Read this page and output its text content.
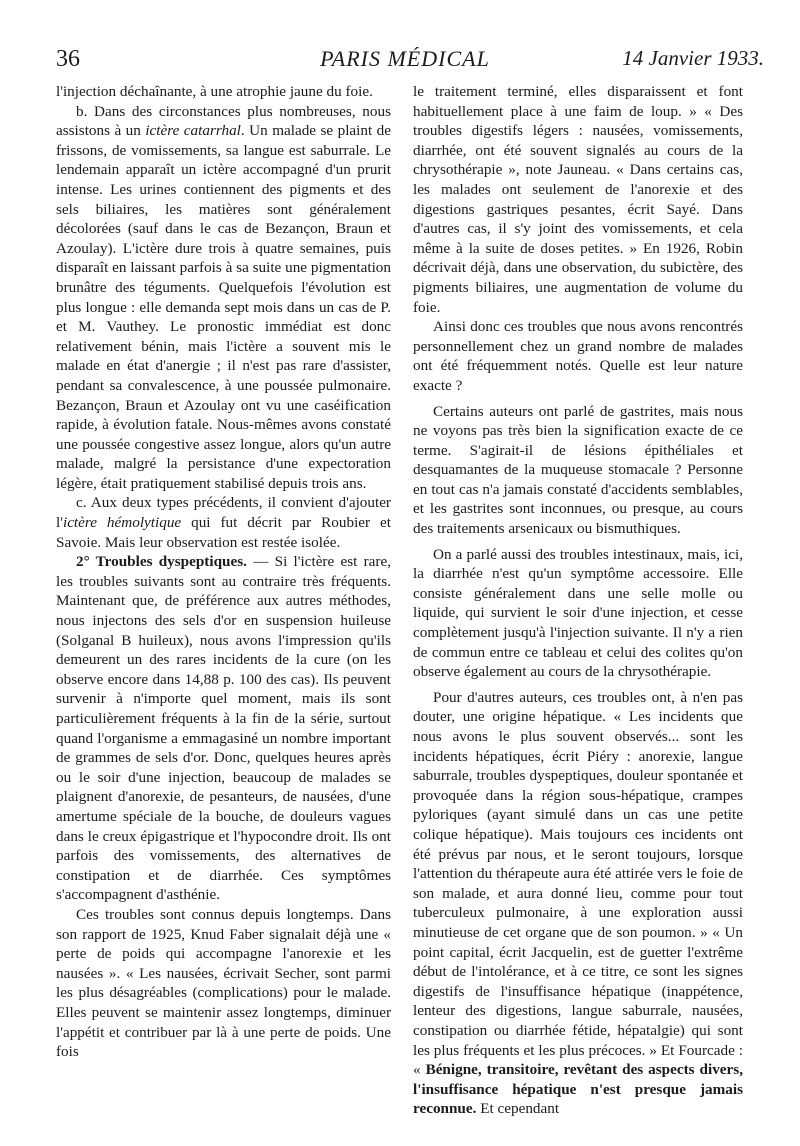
36	PARIS MÉDICAL	14 Janvier 1933.

l'injection déchaînante, à une atrophie jaune du foie.

b. Dans des circonstances plus nombreuses, nous assistons à un ictère catarrhal. Un malade se plaint de frissons, de vomissements, sa langue est saburrale. Le lendemain apparaît un ictère accompagné d'un prurit intense. Les urines contiennent des pigments et des sels biliaires, les matières sont généralement décolorées (sauf dans le cas de Bezançon, Braun et Azoulay). L'ictère dure trois à quatre semaines, puis disparaît en laissant parfois à sa suite une pigmentation brunâtre des téguments. Quelquefois l'évolution est plus longue : elle demanda sept mois dans un cas de P. et M. Vauthey. Le pronostic immédiat est donc relativement bénin, mais l'ictère a souvent mis le malade en état d'anergie ; il n'est pas rare d'assister, pendant sa convalescence, à une poussée pulmonaire. Bezançon, Braun et Azoulay ont vu une caséification rapide, à évolution fatale. Nous-mêmes avons constaté une poussée congestive assez longue, alors qu'un autre malade, malgré la persistance d'une expectoration légère, était pratiquement stabilisé depuis trois ans.

c. Aux deux types précédents, il convient d'ajouter l'ictère hémolytique qui fut décrit par Roubier et Savoie. Mais leur observation est restée isolée.

2° Troubles dyspeptiques. — Si l'ictère est rare, les troubles suivants sont au contraire très fréquents. Maintenant que, de préférence aux autres méthodes, nous injectons des sels d'or en suspension huileuse (Solganal B huileux), nous avons l'impression qu'ils demeurent un des rares incidents de la cure (on les observe encore dans 14,88 p. 100 des cas). Ils peuvent survenir à n'importe quel moment, mais ils sont particulièrement fréquents à la fin de la série, surtout quand l'organisme a emmagasiné un nombre important de grammes de sels d'or. Donc, quelques heures après ou le soir d'une injection, beaucoup de malades se plaignent d'anorexie, de pesanteurs, de nausées, d'une amertume spéciale de la bouche, de douleurs vagues dans le creux épigastrique et l'hypocondre droit. Ils ont parfois des vomissements, des alternatives de constipation et de diarrhée. Ces symptômes s'accompagnent d'asthénie.

Ces troubles sont connus depuis longtemps. Dans son rapport de 1925, Knud Faber signalait déjà une « perte de poids qui accompagne l'anorexie et les nausées ». « Les nausées, écrivait Secher, sont parmi les plus désagréables (complications) pour le malade. Elles peuvent se maintenir assez longtemps, diminuer l'appétit et contribuer par là à une perte de poids. Une fois

le traitement terminé, elles disparaissent et font habituellement place à une faim de loup. » « Des troubles digestifs légers : nausées, vomissements, diarrhée, ont été souvent signalés au cours de la chrysothérapie », note Jauneau. « Dans certains cas, les malades ont seulement de l'anorexie et des digestions gastriques pesantes, écrit Sayé. Dans d'autres cas, il s'y joint des vomissements, et cela même à la suite de doses petites. » En 1926, Robin décrivait déjà, dans une observation, du subictère, des pigments biliaires, une augmentation de volume du foie.

Ainsi donc ces troubles que nous avons rencontrés personnellement chez un grand nombre de malades ont été fréquemment notés. Quelle est leur nature exacte ?

Certains auteurs ont parlé de gastrites, mais nous ne voyons pas très bien la signification exacte de ce terme. S'agirait-il de lésions épithéliales et desquamantes de la muqueuse stomacale ? Personne en tout cas n'a jamais constaté d'accidents semblables, et les gastrites sont inconnues, ou presque, au cours des traitements arsenicaux ou bismuthiques.

On a parlé aussi des troubles intestinaux, mais, ici, la diarrhée n'est qu'un symptôme accessoire. Elle consiste généralement dans une selle molle ou liquide, qui survient le soir d'une injection, et cesse complètement jusqu'à l'injection suivante. Il n'y a rien de commun entre ce tableau et celui des colites qu'on observe également au cours de la chrysothérapie.

Pour d'autres auteurs, ces troubles ont, à n'en pas douter, une origine hépatique. « Les incidents que nous avons le plus souvent observés... sont les incidents hépatiques, écrit Piéry : anorexie, langue saburrale, troubles dyspeptiques, douleur spontanée et provoquée dans la région sous-hépatique, crampes pyloriques (ayant simulé dans un cas une petite colique hépatique). Mais toujours ces incidents ont été prévus par nous, et le seront toujours, lorsque l'attention du thérapeute aura été attirée vers le foie de son malade, et aura donné lieu, comme pour tout tuberculeux pulmonaire, à une exploration aussi minutieuse de cet organe que de son poumon. » « Un point capital, écrit Jacquelin, est de guetter l'extrême début de l'intolérance, et à ce titre, ce sont les signes digestifs de l'insuffisance hépatique (inappétence, lenteur des digestions, langue saburrale, nausées, constipation ou diarrhée fétide, hépatalgie) qui sont les plus fréquents et les plus précoces. » Et Fourcade : « Bénigne, transitoire, revêtant des aspects divers, l'insuffisance hépatique n'est presque jamais reconnue. Et cependant
